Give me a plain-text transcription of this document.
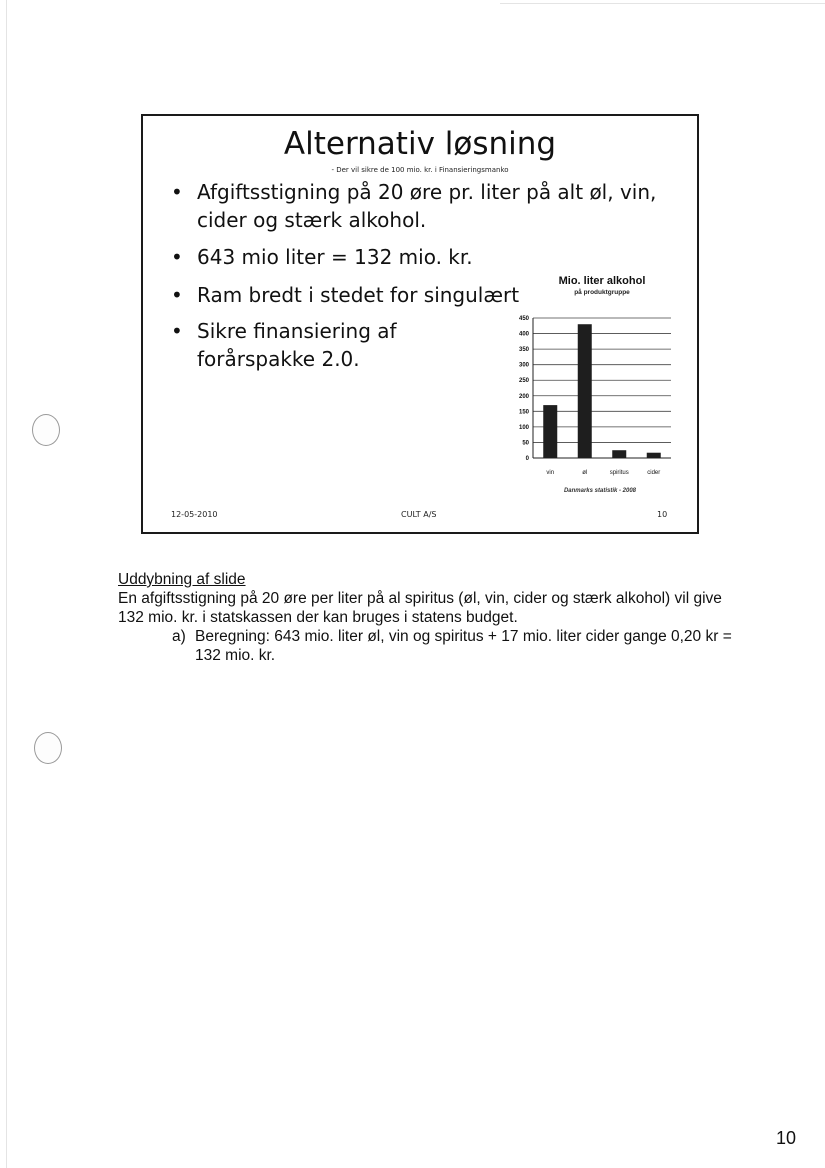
Alternativ løsning
- Der vil sikre de 100 mio. kr. i Finansieringsmanko
• Afgiftsstigning på 20 øre pr. liter på alt øl, vin, cider og stærk alkohol.
• 643 mio liter = 132 mio. kr.
• Ram bredt i stedet for singulært
• Sikre finansiering af forårspakke 2.0.
Mio. liter alkohol
på produktgruppe
0
50
100
150
200
250
300
350
400
450
vin	øl	spiritus	cider
Danmarks statistik - 2008
12-05-2010	CULT A/S	10
Uddybning af slide
En afgiftsstigning på 20 øre per liter på al spiritus (øl, vin, cider og stærk alkohol) vil give 132 mio. kr. i statskassen der kan bruges i statens budget.
a) Beregning: 643 mio. liter øl, vin og spiritus + 17 mio. liter cider gange 0,20 kr = 132 mio. kr.
10
